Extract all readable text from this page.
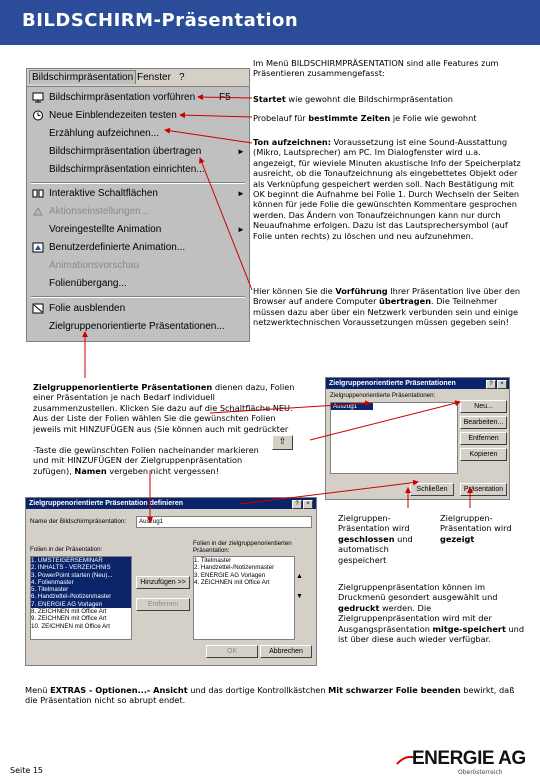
BILDSCHIRM-Präsentation
Bildschirmpräsentation Fenster ?
Bildschirmpräsentation vorführen F5
Neue Einblendezeiten testen
Erzählung aufzeichnen...
Bildschirmpräsentation übertragen	►
Bildschirmpräsentation einrichten...
Interaktive Schaltflächen	►
Aktionseinstellungen...
Voreingestellte Animation	►
Benutzerdefinierte Animation...
Animationsvorschau
Folienübergang...
Folie ausblenden
Zielgruppenorientierte Präsentationen...
Im Menü BILDSCHIRMPRÄSENTATION sind alle Features zum Präsentieren zusammengefasst:
Startet wie gewohnt die Bildschirmpräsentation
Probelauf für bestimmte Zeiten je Folie wie gewohnt
Ton aufzeichnen: Voraussetzung ist eine Sound-Ausstattung (Mikro, Lautsprecher) am PC. Im Dialogfenster wird u.a. angezeigt, für wieviele Minuten akustische Info der Speicherplatz ausreicht, ob die Tonaufzeichnung als eingebettetes Objekt oder als Verknüpfung gespeichert werden soll. Nach Bestätigung mit OK beginnt die Aufnahme bei Folie 1. Durch Wechseln der Seiten können für jede Folie die gewünschten Kommentare gesprochen werden. Das Ändern von Tonaufzeichnungen kann nur durch Neuaufnahme erfolgen. Dazu ist das Lautsprechersymbol (auf Folie unten rechts) zu löschen und neu aufzunehmen.
Hier können Sie die Vorführung Ihrer Präsentation live über den Browser auf andere Computer übertragen. Die Teilnehmer müssen dazu aber über ein Netzwerk verbunden sein und einige netzwerktechnischen Voraussetzungen müssen gegeben sein!
Zielgruppenorientierte Präsentationen dienen dazu, Folien einer Präsentation je nach Bedarf individuell zusammenzustellen. Klicken Sie dazu auf die Schaltfläche NEU. Aus der Liste der Folien wählen Sie die gewünschten Folien jeweils mit HINZUFÜGEN aus (Sie können auch mit gedrückter
⇧
-Taste die gewünschten Folien nacheinander markieren und mit HINZUFÜGEN der Zielgruppenpräsentation zufügen), Namen vergeben nicht vergessen!
Zielgruppenorientierte Präsentationen	?	×
Zielgruppenorientierte Präsentationen:
Auszug1	Neu...
Bearbeiten...
Entfernen
Kopieren
Schließen	Präsentation
Zielgruppenorientierte Präsentation definieren	?	×
Name der Bildschirmpräsentation:	Auszug1
Folien in der Präsentation:
1. UMSTEIGERSEMINAR
2. INHALTS - VERZEICHNIS
3. PowerPoint starten (Neu)...
4. Folienmaster
5. Titelmaster
6. Handzettel-/Notizenmaster
7. ENERGIE AG Vorlagen
8. ZEICHNEN mit Office Art
9. ZEICHNEN mit Office Art
10. ZEICHNEN mit Office Art
Hinzufügen >>
Entfernen
Folien in der zielgruppenorientierten Präsentation:
1. Titelmaster
2. Handzettel-/Notizenmaster
3. ENERGIE AG Vorlagen
4. ZEICHNEN mit Office Art
▲
▼
OK	Abbrechen
Zielgruppen-Präsentation wird geschlossen und automatisch gespeichert
Zielgruppen-Präsentation wird gezeigt
Zielgruppenpräsentation können im Druckmenü gesondert ausgewählt und gedruckt werden. Die Zielgruppenpräsentation wird mit der Ausgangspräsentation mitge-speichert und ist über diese auch wieder verfügbar.
Menü EXTRAS - Optionen...- Ansicht und das dortige Kontrollkästchen Mit schwarzer Folie beenden bewirkt, daß die Präsentation nicht so abrupt endet.
Seite 15
ENERGIE AG
Oberösterreich
